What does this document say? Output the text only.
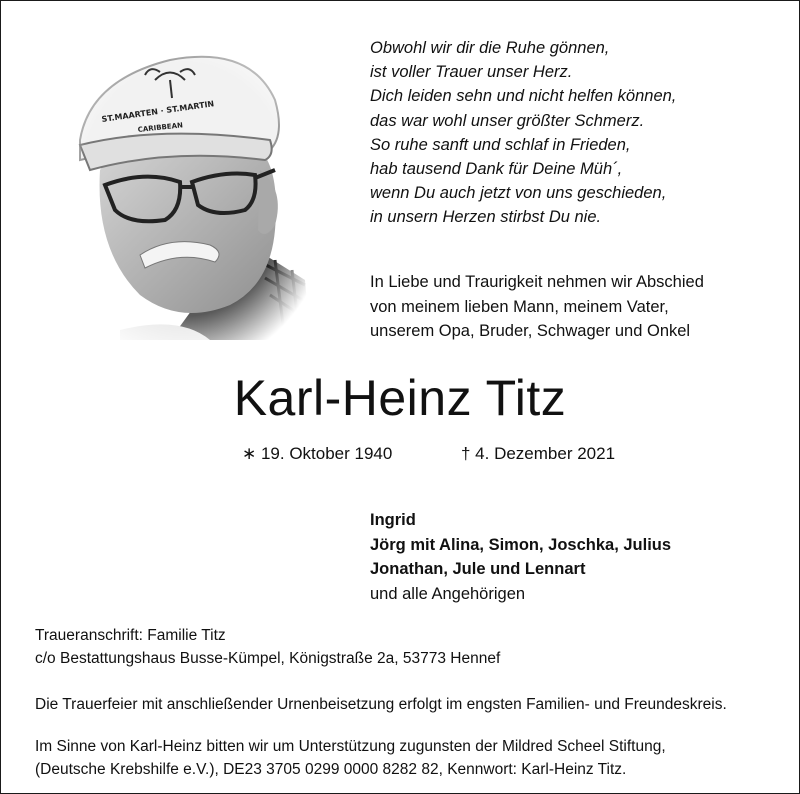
Obwohl wir dir die Ruhe gönnen,
ist voller Trauer unser Herz.
Dich leiden sehn und nicht helfen können,
das war wohl unser größter Schmerz.
So ruhe sanft und schlaf in Frieden,
hab tausend Dank für Deine Müh´,
wenn Du auch jetzt von uns geschieden,
in unsern Herzen stirbst Du nie.
In Liebe und Traurigkeit nehmen wir Abschied
von meinem lieben Mann, meinem Vater,
unserem Opa, Bruder, Schwager und Onkel
Karl-Heinz Titz
∗ 19. Oktober 1940	† 4. Dezember 2021
Ingrid
Jörg mit Alina, Simon, Joschka, Julius
Jonathan, Jule und Lennart
und alle Angehörigen
Traueranschrift: Familie Titz
c/o Bestattungshaus Busse-Kümpel, Königstraße 2a, 53773 Hennef
Die Trauerfeier mit anschließender Urnenbeisetzung erfolgt im engsten Familien- und Freundeskreis.
Im Sinne von Karl-Heinz bitten wir um Unterstützung zugunsten der Mildred Scheel Stiftung,
(Deutsche Krebshilfe e.V.), DE23 3705 0299 0000 8282 82, Kennwort: Karl-Heinz Titz.
